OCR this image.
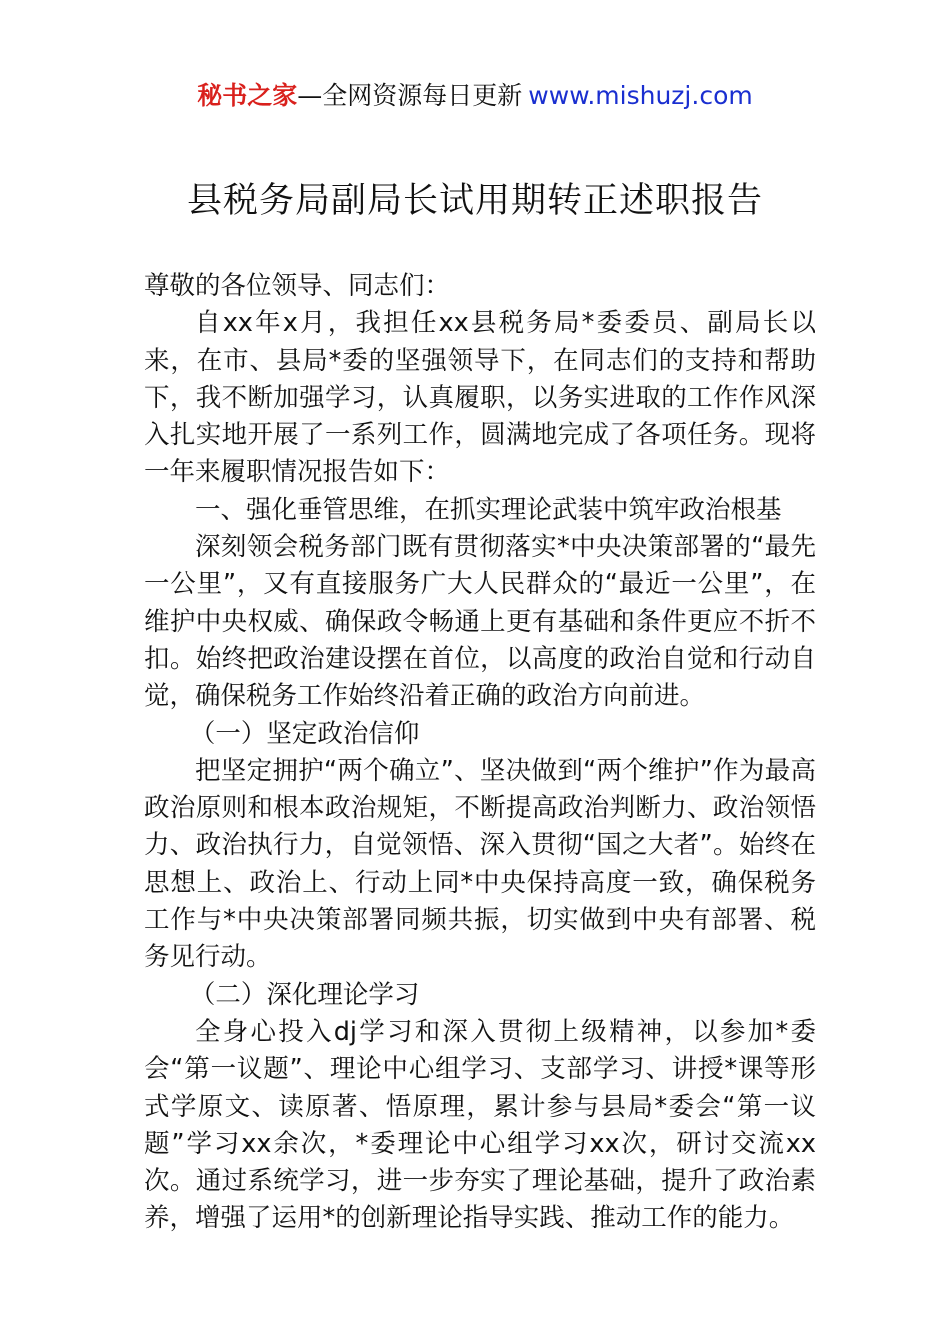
秘书之家—全网资源每日更新 www.mishuzj.com
县税务局副局长试用期转正述职报告

尊敬的各位领导、同志们：

自xx年x月，我担任xx县税务局*委委员、副局长以来，在市、县局*委的坚强领导下，在同志们的支持和帮助下，我不断加强学习，认真履职，以务实进取的工作作风深入扎实地开展了一系列工作，圆满地完成了各项任务。现将一年来履职情况报告如下：

一、强化垂管思维，在抓实理论武装中筑牢政治根基

深刻领会税务部门既有贯彻落实*中央决策部署的“最先一公里”，又有直接服务广大人民群众的“最近一公里”，在维护中央权威、确保政令畅通上更有基础和条件更应不折不扣。始终把政治建设摆在首位，以高度的政治自觉和行动自觉，确保税务工作始终沿着正确的政治方向前进。

（一）坚定政治信仰

把坚定拥护“两个确立”、坚决做到“两个维护”作为最高政治原则和根本政治规矩，不断提高政治判断力、政治领悟力、政治执行力，自觉领悟、深入贯彻“国之大者”。始终在思想上、政治上、行动上同*中央保持高度一致，确保税务工作与*中央决策部署同频共振，切实做到中央有部署、税务见行动。

（二）深化理论学习

全身心投入dj学习和深入贯彻上级精神，以参加*委会“第一议题”、理论中心组学习、支部学习、讲授*课等形式学原文、读原著、悟原理，累计参与县局*委会“第一议题”学习xx余次，*委理论中心组学习xx次，研讨交流xx次。通过系统学习，进一步夯实了理论基础，提升了政治素养，增强了运用*的创新理论指导实践、推动工作的能力。
